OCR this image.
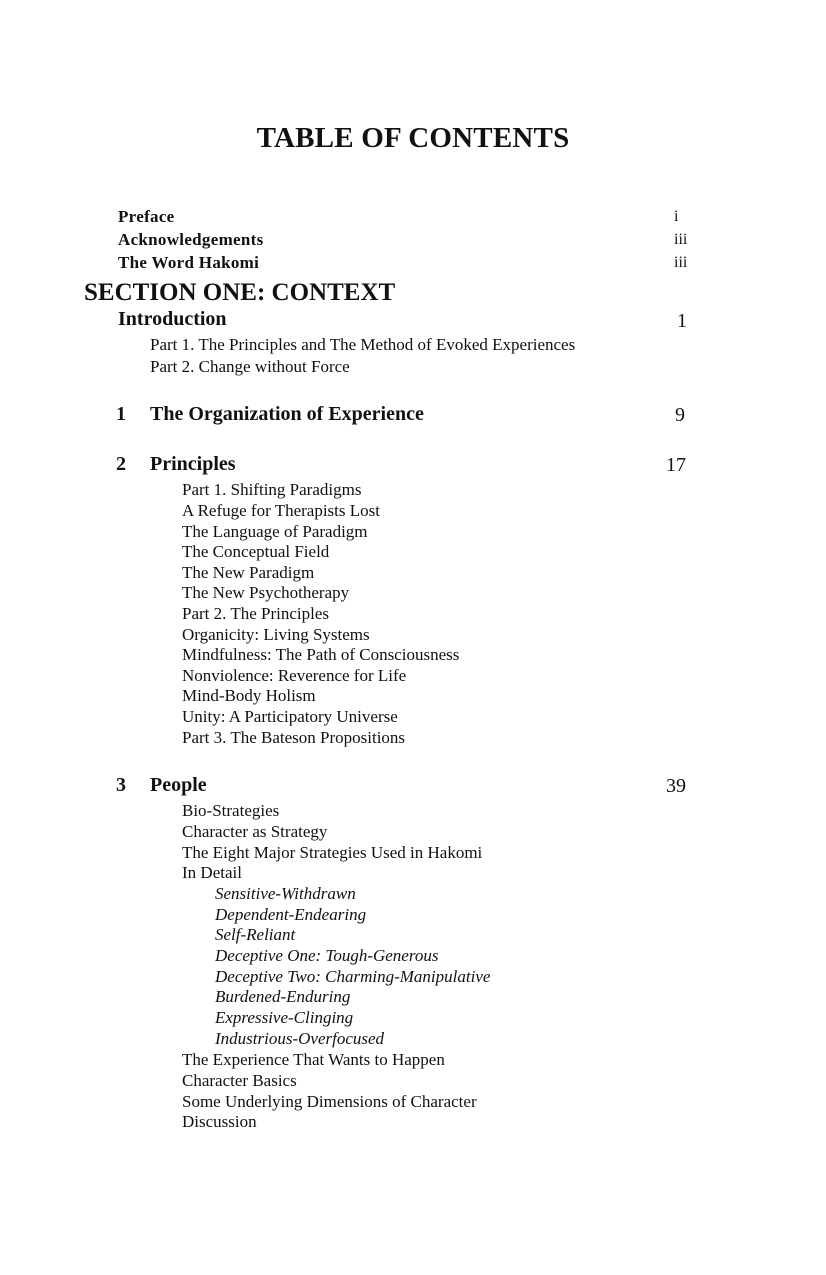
TABLE OF CONTENTS
Preface	i
Acknowledgements	iii
The Word Hakomi	iii
SECTION ONE: CONTEXT
Introduction	1
Part 1. The Principles and The Method of Evoked Experiences
Part 2. Change without Force
1 The Organization of Experience	9
2 Principles	17
Part 1. Shifting Paradigms
A Refuge for Therapists Lost
The Language of Paradigm
The Conceptual Field
The New Paradigm
The New Psychotherapy
Part 2. The Principles
Organicity: Living Systems
Mindfulness: The Path of Consciousness
Nonviolence: Reverence for Life
Mind-Body Holism
Unity: A Participatory Universe
Part 3. The Bateson Propositions
3 People	39
Bio-Strategies
Character as Strategy
The Eight Major Strategies Used in Hakomi
In Detail
Sensitive-Withdrawn
Dependent-Endearing
Self-Reliant
Deceptive One: Tough-Generous
Deceptive Two: Charming-Manipulative
Burdened-Enduring
Expressive-Clinging
Industrious-Overfocused
The Experience That Wants to Happen
Character Basics
Some Underlying Dimensions of Character
Discussion
